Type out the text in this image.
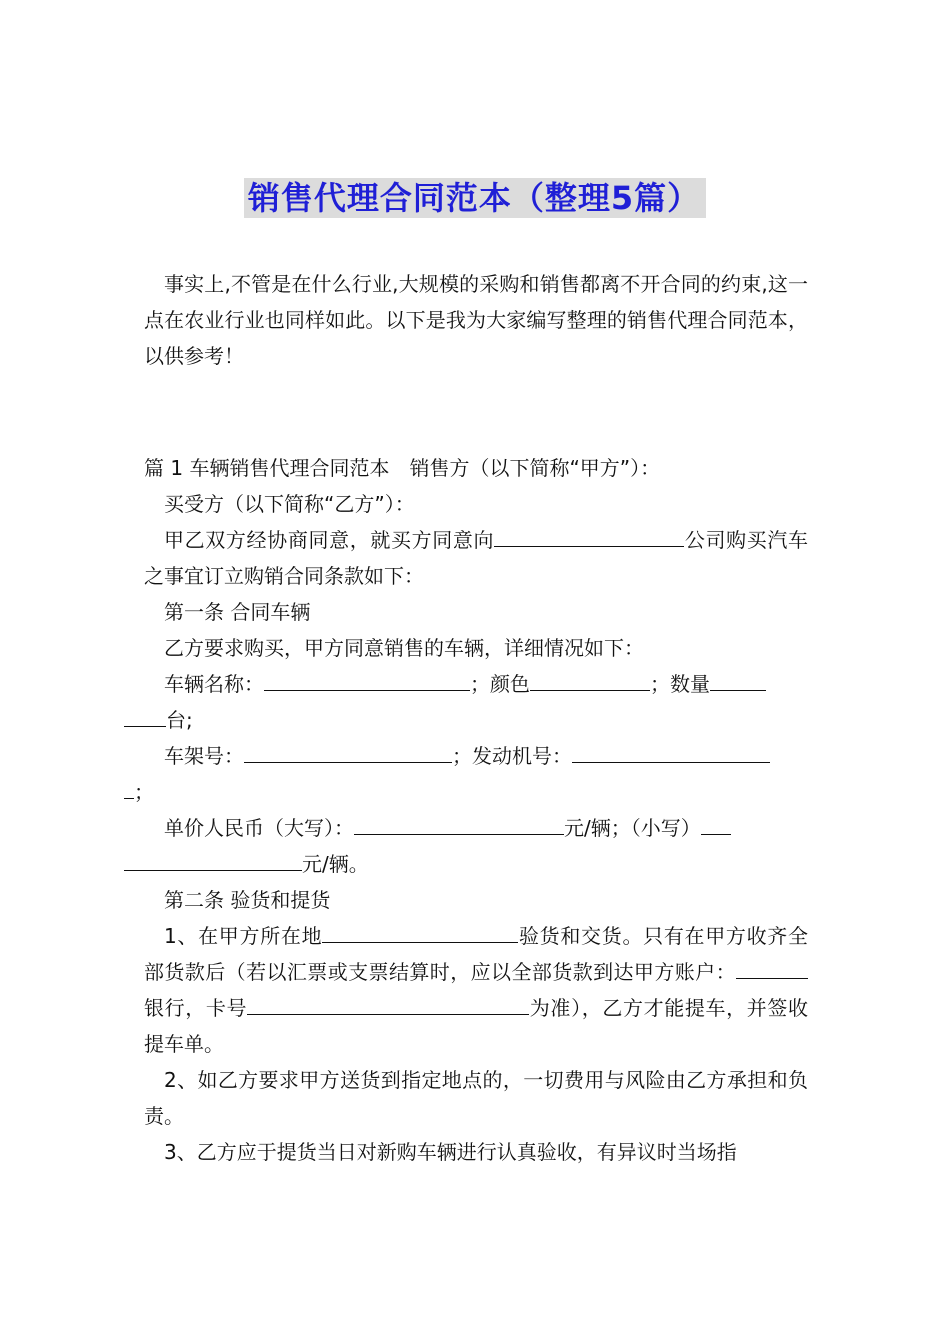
销售代理合同范本（整理5篇）

事实上,不管是在什么行业,大规模的采购和销售都离不开合同的约束,这一点在农业行业也同样如此。以下是我为大家编写整理的销售代理合同范本，以供参考！

篇 1 车辆销售代理合同范本　销售方（以下简称“甲方”）：

买受方（以下简称“乙方”）：

甲乙双方经协商同意，就买方同意向	公司购买汽车之事宜订立购销合同条款如下：

第一条 合同车辆

乙方要求购买，甲方同意销售的车辆，详细情况如下：

车辆名称：	；颜色	；数量
台;

车架号：	；发动机号：
；

单价人民币（大写）：	元/辆；（小写）
元/辆。

第二条 验货和提货

1、在甲方所在地	验货和交货。只有在甲方收齐全部货款后（若以汇票或支票结算时，应以全部货款到达甲方账户：银行，卡号	为准），乙方才能提车，并签收提车单。

2、如乙方要求甲方送货到指定地点的，一切费用与风险由乙方承担和负责。

3、乙方应于提货当日对新购车辆进行认真验收，有异议时当场指
